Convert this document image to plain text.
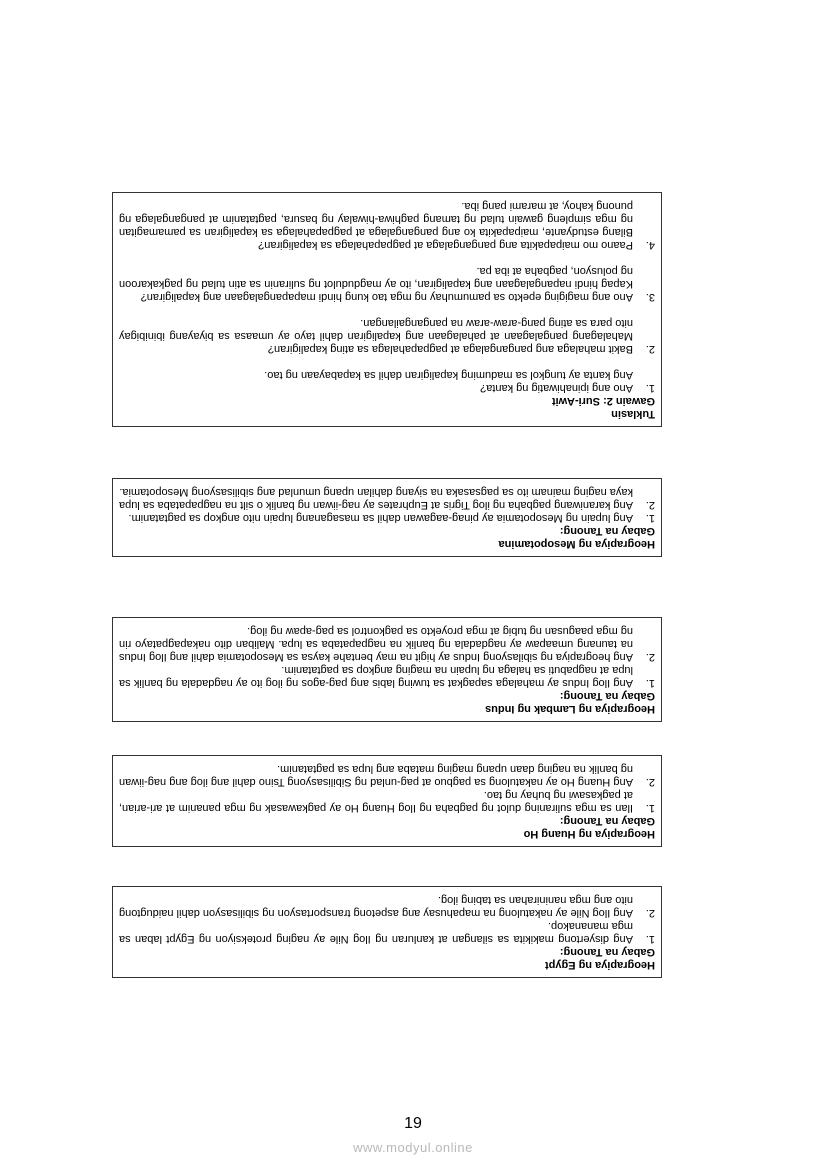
Heograpiya ng Egypt
Gabay na Tanong:
1.
Ang disyertong makikita sa silangan at kanluran ng Ilog Nile ay naging proteksiyon ng Egypt laban sa mga mananakop.
2.
Ang Ilog Nile ay nakatulong na mapahusay ang aspetong transportasyon ng sibilisasyon dahil naidugtong nito ang mga naninirahan sa tabing ilog.
Heograpiya ng Huang Ho
Gabay na Tanong:
1.
Ilan sa mga suliraning dulot ng pagbaha ng Ilog Huang Ho ay pagkawasak ng mga pananim at ari-arian, at pagkasawi ng buhay ng tao.
2.
Ang Huang Ho ay nakatulong sa pagbuo at pag-unlad ng Sibilisasyong Tsino dahil ang ilog ang nag-iiwan ng banlik na naging daan upang maging mataba ang lupa sa pagtatanim.
Heograpiya ng Lambak ng Indus
Gabay na Tanong:
1.
Ang Ilog Indus ay mahalaga sapagkat sa tuwing labis ang pag-agos ng ilog ito ay nagdadala ng banlik sa lupa at nagpabuti sa halaga ng lupain na maging angkop sa pagtatanim.
2.
Ang heograpiya ng sibilasyong Indus ay higit na may bentahe kaysa sa Mesopotamia dahil ang Ilog Indus na taunang umaapaw ay nagdadala ng banlik na nagpapataba sa lupa. Maliban dito nakapagpatayo rin ng mga paagusan ng tubig at mga proyekto sa pagkontrol sa pag-apaw ng ilog.
Heograpiya ng Mesopotamina
Gabay na Tanong:
1.
Ang lupain ng Mesopotamia ay pinag-aagawan dahil sa masaganang lupain nito angkop sa pagtatanim.
2.
Ang karaniwang pagbaha ng ilog Tigris at Euphrates ay nag-iiwan ng banlik o silt na nagpapataba sa lupa kaya naging mainam ito sa pagsasaka na siyang dahilan upang umunlad ang sibilisasyong Mesopotamia.
Tuklasin
Gawain 2: Suri-Awit
1.

Ano ang ipinahiwatig ng kanta?

Ang kanta ay tungkol sa maduming kapaligiran dahil sa kapabayaan ng tao.

2.

Bakit mahalaga ang pangangalaga at pagpapahalaga sa ating kapaligiran?

Mahalagang pangalagaan at pahalagaan ang kapaligiran dahil tayo ay umaasa sa biyayang ibinibigay nito para sa ating pang-araw-araw na pangangailangan.

3.

Ano ang magiging epekto sa pamumuhay ng mga tao kung hindi mapapangalagaan ang kapaligiran?

Kapag hindi napangalagaan ang kapaligiran, ito ay magdudulot ng suliranin sa atin tulad ng pagkakaroon ng polusyon, pagbaha at iba pa.

4.

Paano mo maipapakita ang pangangalaga at pagpapahalaga sa kapaligiran?

Bilang estudyante, maipapakita ko ang pangangalaga at pagpapahalaga sa kapaligiran sa pamamagitan ng mga simpleng gawain tulad ng tamang paghiwa-hiwalay ng basura, pagtatanim at pangangalaga ng punong kahoy, at marami pang iba.

19
www.modyul.online
